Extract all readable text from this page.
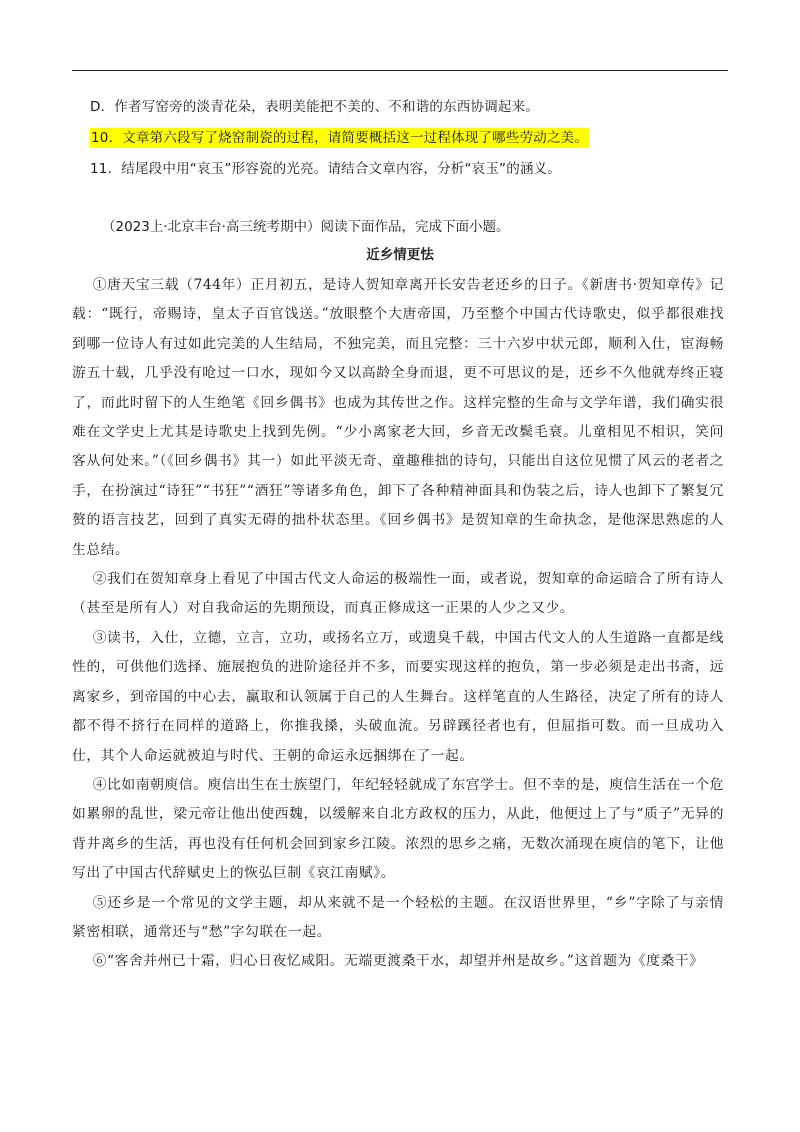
D．作者写窑旁的淡青花朵，表明美能把不美的、不和谐的东西协调起来。
10．文章第六段写了烧窑制瓷的过程，请简要概括这一过程体现了哪些劳动之美。
11．结尾段中用“哀玉”形容瓷的光亮。请结合文章内容，分析“哀玉”的涵义。
（2023上·北京丰台·高三统考期中）阅读下面作品，完成下面小题。
近乡情更怯

①唐天宝三载（744年）正月初五，是诗人贺知章离开长安告老还乡的日子。《新唐书·贺知章传》记载：“既行，帝赐诗，皇太子百官饯送。”放眼整个大唐帝国，乃至整个中国古代诗歌史，似乎都很难找到哪一位诗人有过如此完美的人生结局，不独完美，而且完整：三十六岁中状元郎，顺利入仕，宦海畅游五十载，几乎没有呛过一口水，现如今又以高龄全身而退，更不可思议的是，还乡不久他就寿终正寝了，而此时留下的人生绝笔《回乡偶书》也成为其传世之作。这样完整的生命与文学年谱，我们确实很难在文学史上尤其是诗歌史上找到先例。“少小离家老大回，乡音无改鬓毛衰。儿童相见不相识，笑问客从何处来。”（《回乡偶书》其一）如此平淡无奇、童趣稚拙的诗句，只能出自这位见惯了风云的老者之手，在扮演过“诗狂”“书狂”“酒狂”等诸多角色，卸下了各种精神面具和伪装之后，诗人也卸下了繁复冗赘的语言技艺，回到了真实无碍的拙朴状态里。《回乡偶书》是贺知章的生命执念，是他深思熟虑的人生总结。

②我们在贺知章身上看见了中国古代文人命运的极端性一面，或者说，贺知章的命运暗合了所有诗人（甚至是所有人）对自我命运的先期预设，而真正修成这一正果的人少之又少。

③读书，入仕，立德，立言，立功，或扬名立万，或遗臭千载，中国古代文人的人生道路一直都是线性的，可供他们选择、施展抱负的进阶途径并不多，而要实现这样的抱负，第一步必须是走出书斋，远离家乡，到帝国的中心去，赢取和认领属于自己的人生舞台。这样笔直的人生路径，决定了所有的诗人都不得不挤行在同样的道路上，你推我搡，头破血流。另辟蹊径者也有，但屈指可数。而一旦成功入仕，其个人命运就被迫与时代、王朝的命运永远捆绑在了一起。

④比如南朝庾信。庾信出生在士族望门，年纪轻轻就成了东宫学士。但不幸的是，庾信生活在一个危如累卵的乱世，梁元帝让他出使西魏，以缓解来自北方政权的压力，从此，他便过上了与“质子”无异的背井离乡的生活，再也没有任何机会回到家乡江陵。浓烈的思乡之痛，无数次涌现在庾信的笔下，让他写出了中国古代辞赋史上的恢弘巨制《哀江南赋》。

⑤还乡是一个常见的文学主题，却从来就不是一个轻松的主题。在汉语世界里，“乡”字除了与亲情紧密相联，通常还与“愁”字勾联在一起。

⑥“客舍并州已十霜，归心日夜忆咸阳。无端更渡桑干水，却望并州是故乡。”这首题为《度桑干》
